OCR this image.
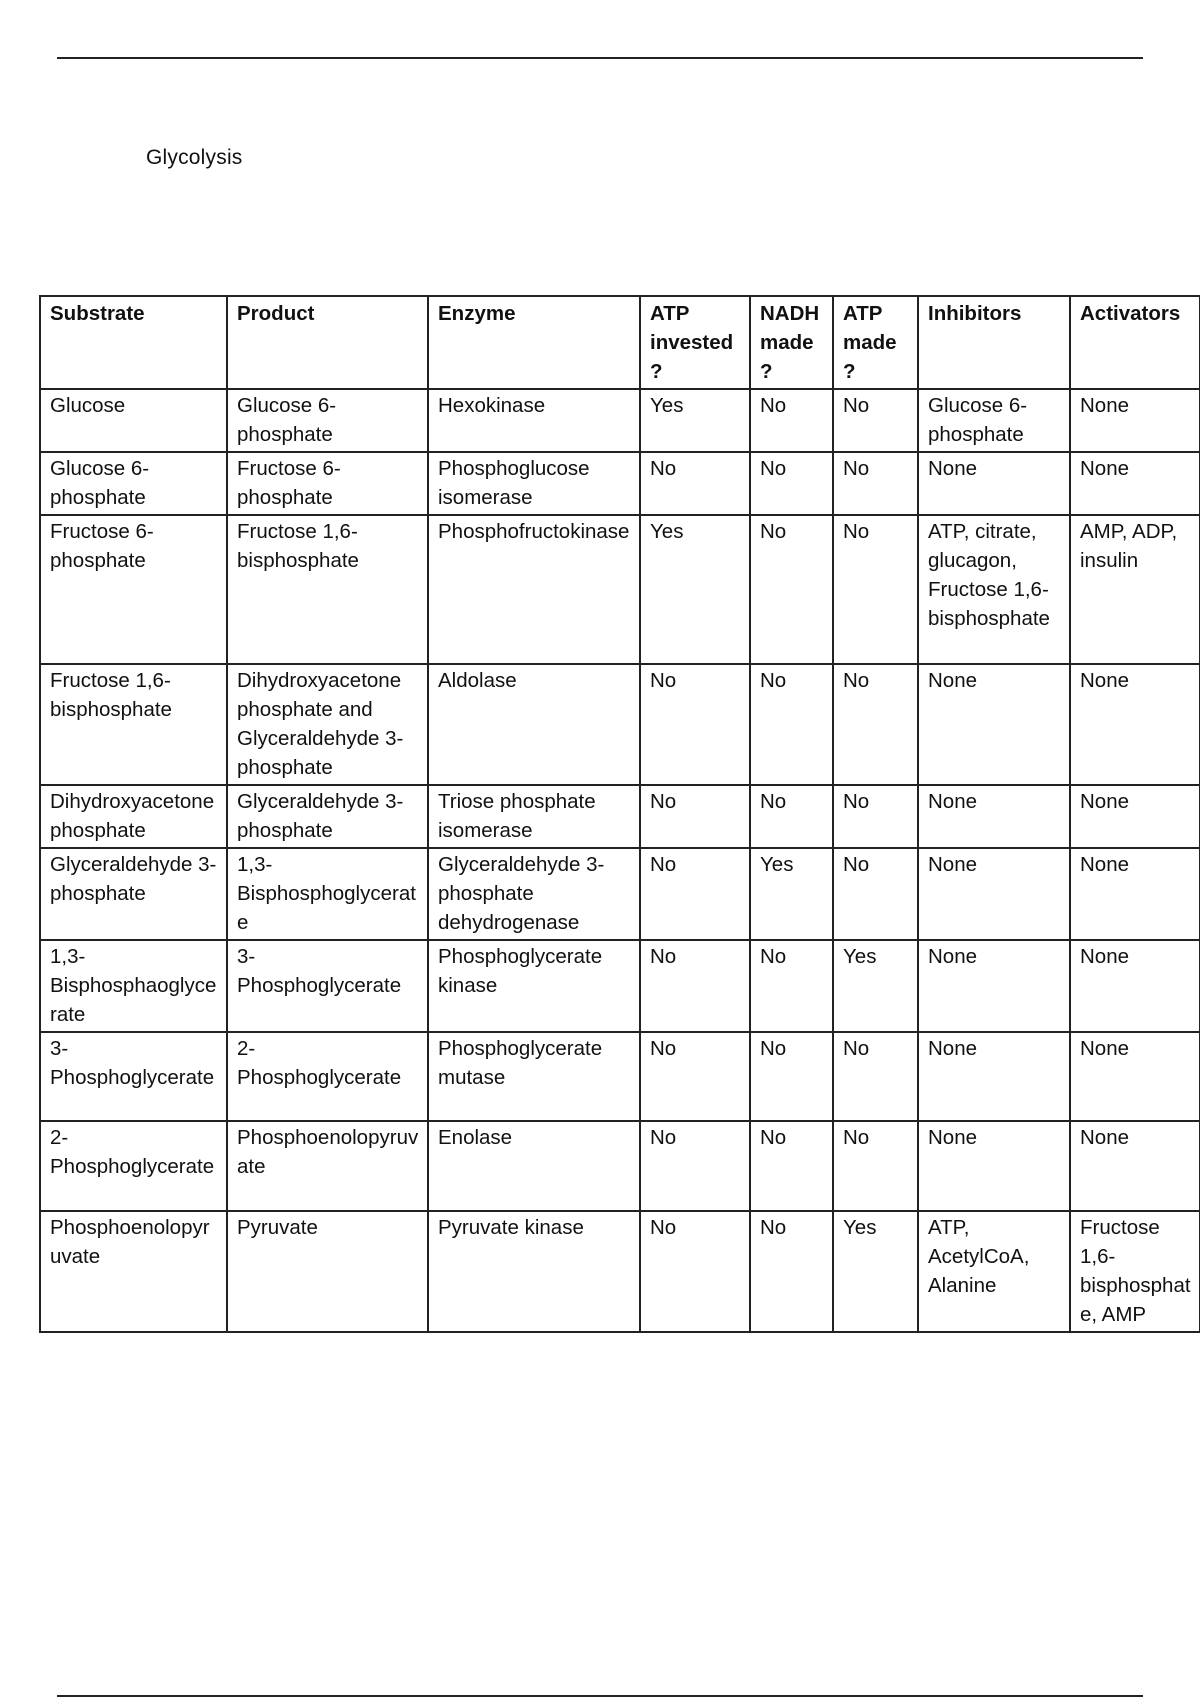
Glycolysis
Substrate	Product	Enzyme	ATP invested ?	NADH made ?	ATP made ?	Inhibitors	Activators
Glucose	Glucose 6-phosphate	Hexokinase	Yes	No	No	Glucose 6-phosphate	None
Glucose 6-phosphate	Fructose 6-phosphate	Phosphoglucose isomerase	No	No	No	None	None
Fructose 6-phosphate	Fructose 1,6-bisphosphate	Phosphofructokinase	Yes	No	No	ATP, citrate, glucagon, Fructose 1,6-bisphosphate	AMP, ADP, insulin
Fructose 1,6-bisphosphate	Dihydroxyacetone phosphate and Glyceraldehyde 3-phosphate	Aldolase	No	No	No	None	None
Dihydroxyacetone phosphate	Glyceraldehyde 3-phosphate	Triose phosphate isomerase	No	No	No	None	None
Glyceraldehyde 3-phosphate	1,3-Bisphosphoglycerate	Glyceraldehyde 3-phosphate dehydrogenase	No	Yes	No	None	None
1,3-Bisphosphaoglycerate	3-Phosphoglycerate	Phosphoglycerate kinase	No	No	Yes	None	None
3-Phosphoglycerate	2-Phosphoglycerate	Phosphoglycerate mutase	No	No	No	None	None
2-Phosphoglycerate	Phosphoenolopyruvate	Enolase	No	No	No	None	None
Phosphoenolopyruvate	Pyruvate	Pyruvate kinase	No	No	Yes	ATP, AcetylCoA, Alanine	Fructose 1,6-bisphosphate, AMP
